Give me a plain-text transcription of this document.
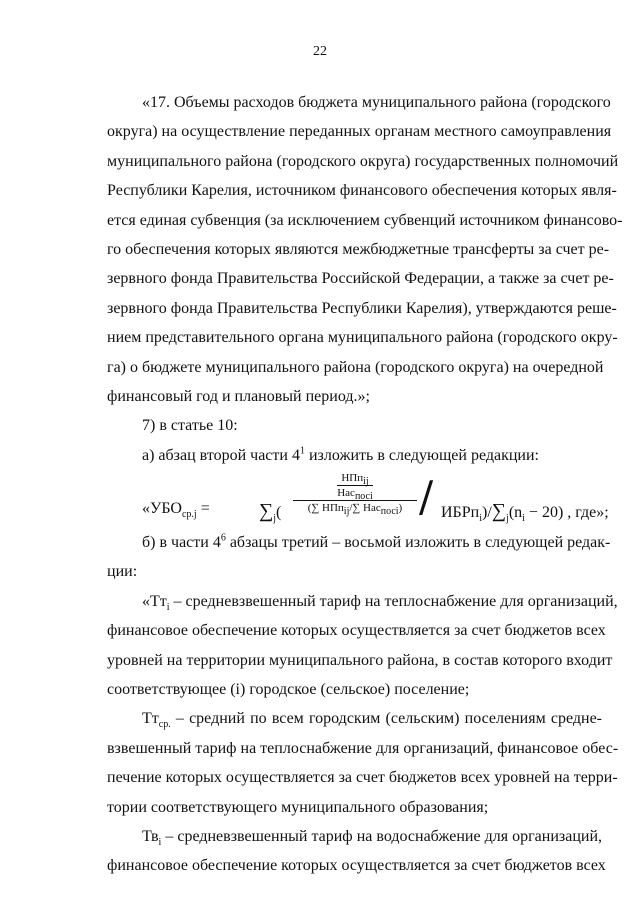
22
«17. Объемы расходов бюджета муниципального района (городского
округа) на осуществление переданных органам местного самоуправления
муниципального района (городского округа) государственных полномочий
Республики Карелия, источником финансового обеспечения которых явля-
ется единая субвенция (за исключением субвенций источником финансово-
го обеспечения которых являются межбюджетные трансферты за счет ре-
зервного фонда Правительства Российской Федерации, а также за счет ре-
зервного фонда Правительства Республики Карелия), утверждаются реше-
нием представительного органа муниципального района (городского окру-
га) о бюджете муниципального района (городского округа) на очередной
финансовый год и плановый период.»;
7) в статье 10:
а) абзац второй части $4^1$ изложить в следующей редакции:
«$УБО_{ср.j} = \sum_j$(
$\frac{НПп_{ij}}{Нас_{посi}}$
(∑ НПп$_{ij}$/∑ $Нас_{посi}) / ИБРп_i)/\sum_j(n_i - 20)$ , где»;
б) в части $4^6$ абзацы третий – восьмой изложить в следующей редак-
ции:
«$Тт_i$ – средневзвешенный тариф на теплоснабжение для организаций,
финансовое обеспечение которых осуществляется за счет бюджетов всех
уровней на территории муниципального района, в состав которого входит
соответствующее (i) городское (сельское) поселение;
$Тт_{ср.}$ – средний по всем городским (сельским) поселениям средне-
взвешенный тариф на теплоснабжение для организаций, финансовое обес-
печение которых осуществляется за счет бюджетов всех уровней на терри-
тории соответствующего муниципального образования;
$Тв_i$ – средневзвешенный тариф на водоснабжение для организаций,
финансовое обеспечение которых осуществляется за счет бюджетов всех
